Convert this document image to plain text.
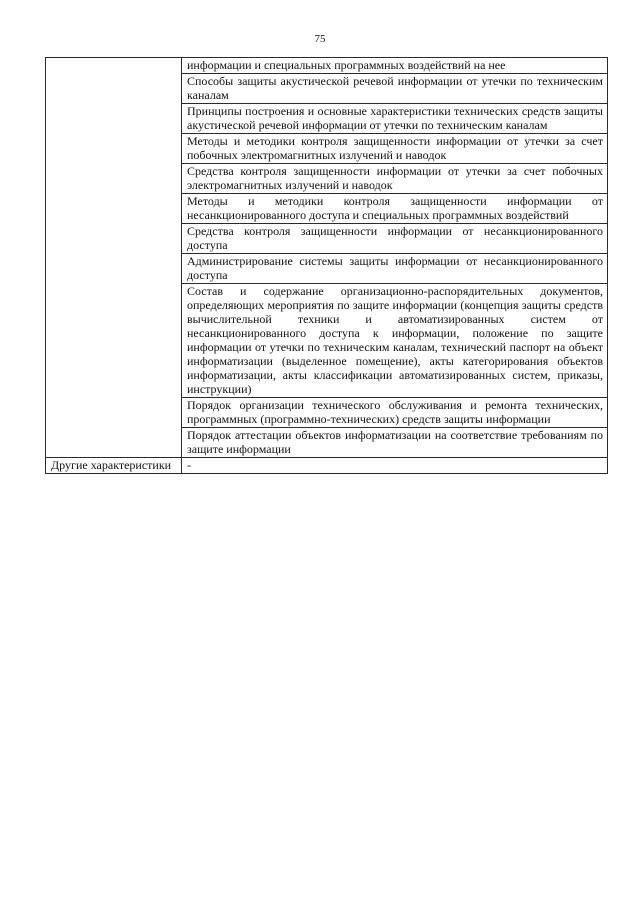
75
	информации и специальных программных воздействий на нее
	Способы защиты акустической речевой информации от утечки по техническим каналам
	Принципы построения и основные характеристики технических средств защиты акустической речевой информации от утечки по техническим каналам
	Методы и методики контроля защищенности информации от утечки за счет побочных электромагнитных излучений и наводок
	Средства контроля защищенности информации от утечки за счет побочных электромагнитных излучений и наводок
	Методы и методики контроля защищенности информации от несанкционированного доступа и специальных программных воздействий
	Средства контроля защищенности информации от несанкционированного доступа
	Администрирование системы защиты информации от несанкционированного доступа
	Состав и содержание организационно-распорядительных документов, определяющих мероприятия по защите информации (концепция защиты средств вычислительной техники и автоматизированных систем от несанкционированного доступа к информации, положение по защите информации от утечки по техническим каналам, технический паспорт на объект информатизации (выделенное помещение), акты категорирования объектов информатизации, акты классификации автоматизированных систем, приказы, инструкции)
	Порядок организации технического обслуживания и ремонта технических, программных (программно-технических) средств защиты информации
	Порядок аттестации объектов информатизации на соответствие требованиям по защите информации
Другие характеристики	-
